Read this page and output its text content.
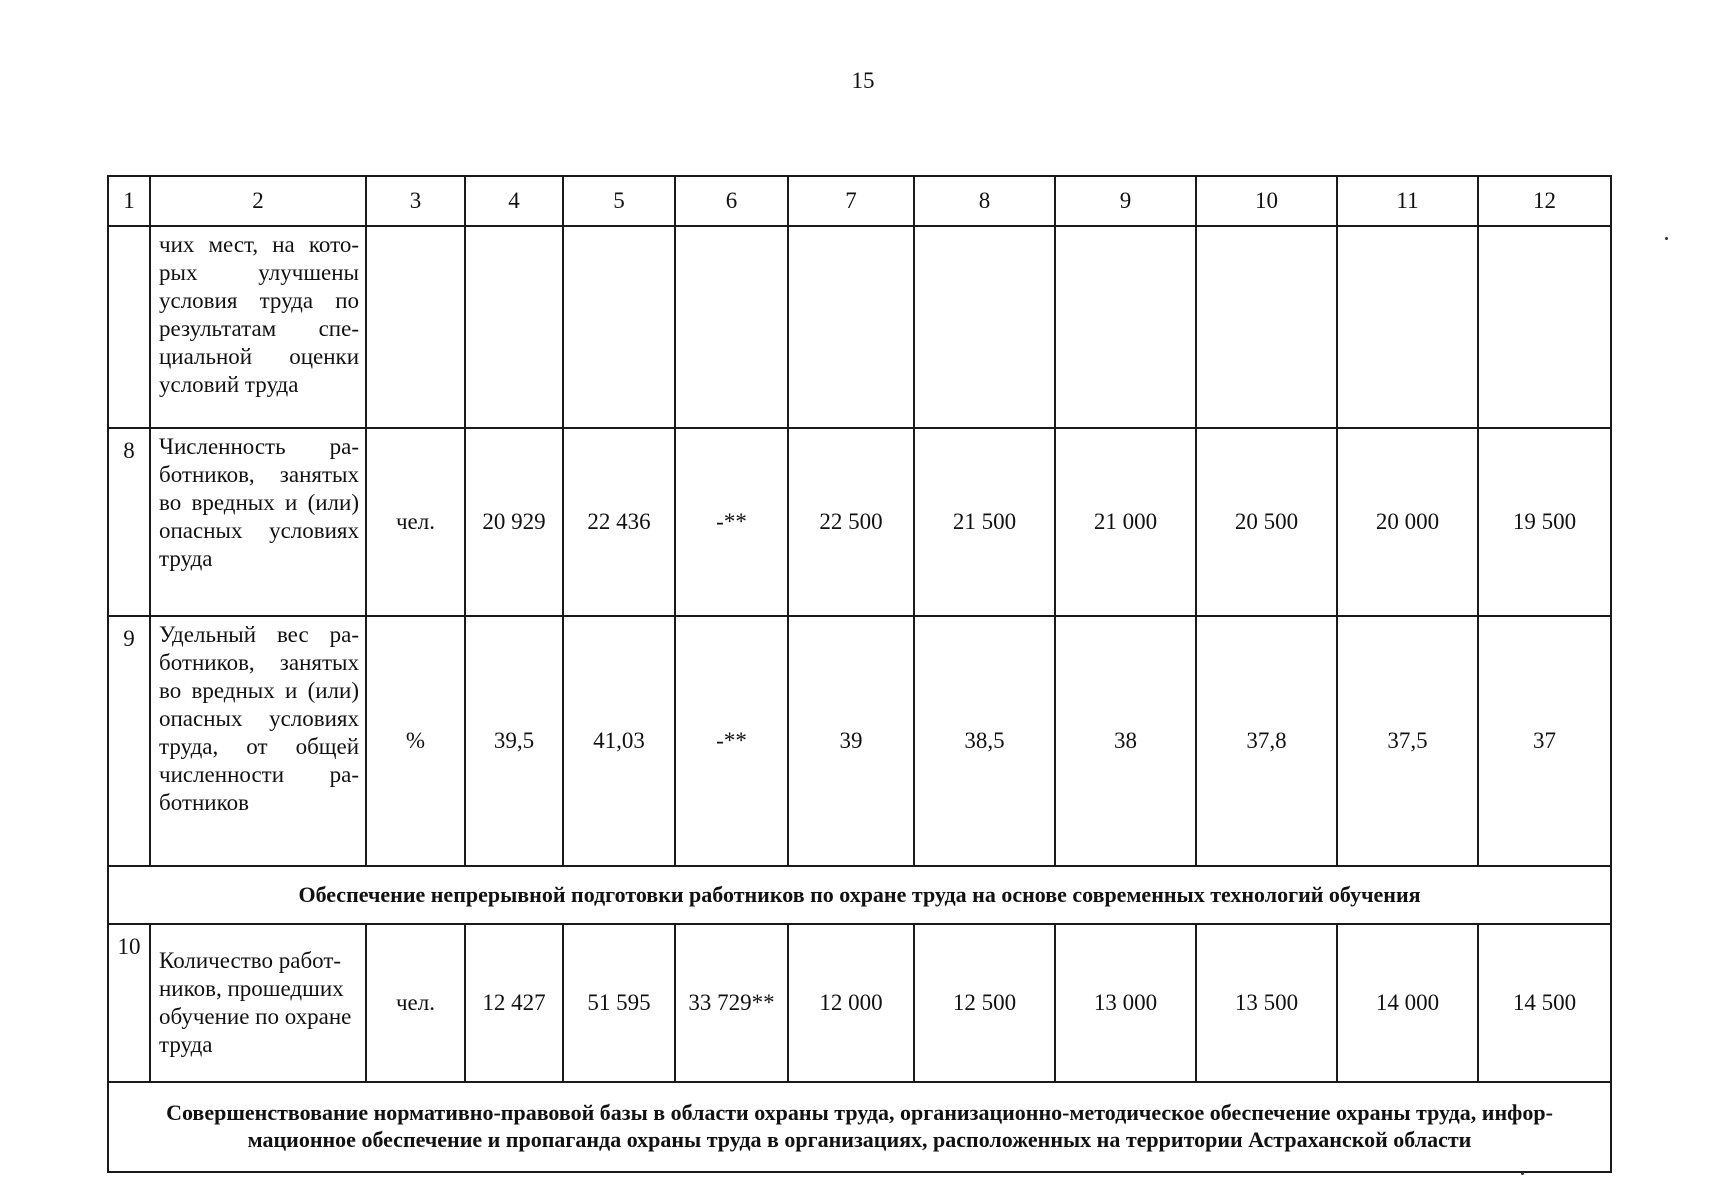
15
1	2	3	4	5	6	7	8	9	10	11	12
	чих мест, на кото-рых улучшены условия труда по результатам спе-циальной оценки условий труда										
8	Численность ра-ботников, занятых во вредных и (или) опасных условиях труда	чел.	20 929	22 436	-**	22 500	21 500	21 000	20 500	20 000	19 500
9	Удельный вес ра-ботников, занятых во вредных и (или) опасных условиях труда, от общей численности ра-ботников	%	39,5	41,03	-**	39	38,5	38	37,8	37,5	37
Обеспечение непрерывной подготовки работников по охране труда на основе современных технологий обучения											
10	Количество работ-ников, прошедших обучение по охране труда	чел.	12 427	51 595	33 729**	12 000	12 500	13 000	13 500	14 000	14 500
Совершенствование нормативно-правовой базы в области охраны труда, организационно-методическое обеспечение охраны труда, инфор-мационное обеспечение и пропаганда охраны труда в организациях, расположенных на территории Астраханской области											
